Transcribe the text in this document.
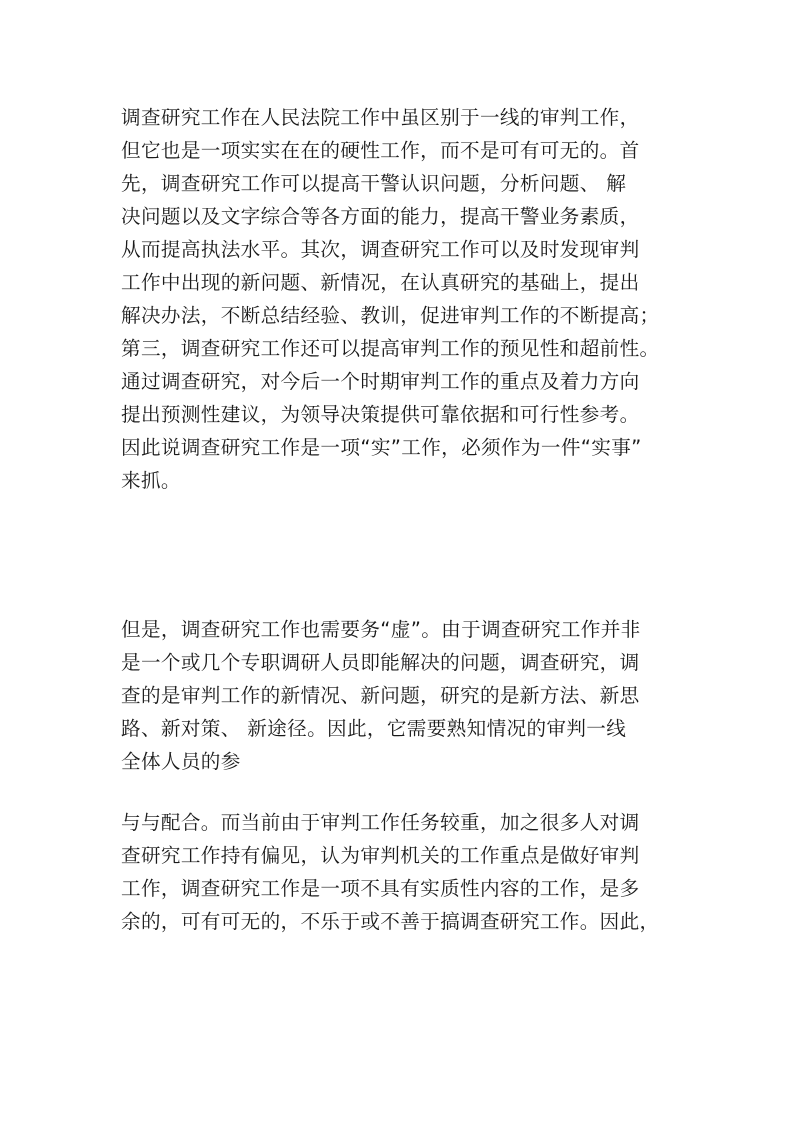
调查研究工作在人民法院工作中虽区别于一线的审判工作，
但它也是一项实实在在的硬性工作，而不是可有可无的。首
先，调查研究工作可以提高干警认识问题，分析问题、 解
决问题以及文字综合等各方面的能力，提高干警业务素质，
从而提高执法水平。其次，调查研究工作可以及时发现审判
工作中出现的新问题、新情况，在认真研究的基础上，提出
解决办法，不断总结经验、教训，促进审判工作的不断提高；
第三，调查研究工作还可以提高审判工作的预见性和超前性。
通过调查研究，对今后一个时期审判工作的重点及着力方向
提出预测性建议，为领导决策提供可靠依据和可行性参考。
因此说调查研究工作是一项“实”工作，必须作为一件“实事”
来抓。
但是，调查研究工作也需要务“虚”。由于调查研究工作并非
是一个或几个专职调研人员即能解决的问题，调查研究，调
查的是审判工作的新情况、新问题，研究的是新方法、新思
路、新对策、 新途径。因此，它需要熟知情况的审判一线
全体人员的参
与与配合。而当前由于审判工作任务较重，加之很多人对调
查研究工作持有偏见，认为审判机关的工作重点是做好审判
工作，调查研究工作是一项不具有实质性内容的工作，是多
余的，可有可无的，不乐于或不善于搞调查研究工作。因此，
